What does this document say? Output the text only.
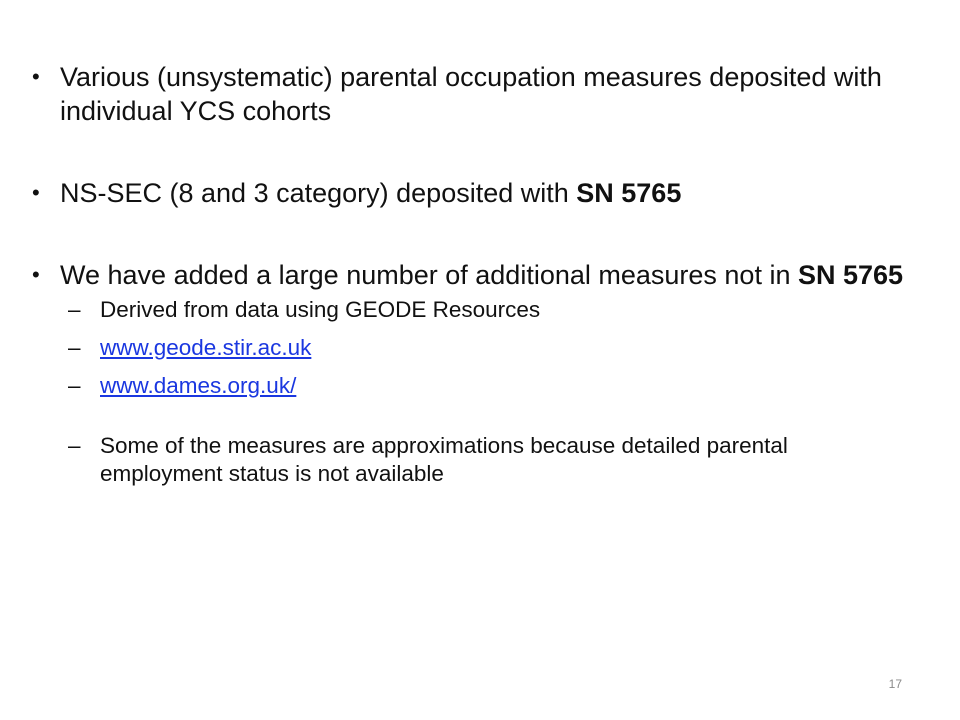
• Various (unsystematic) parental occupation measures deposited with individual YCS cohorts
• NS-SEC (8 and 3 category) deposited with SN 5765
• We have added a large number of additional measures not in SN 5765
– Derived from data using GEODE Resources
– www.geode.stir.ac.uk
– www.dames.org.uk/
– Some of the measures are approximations because detailed parental employment status is not available
17
